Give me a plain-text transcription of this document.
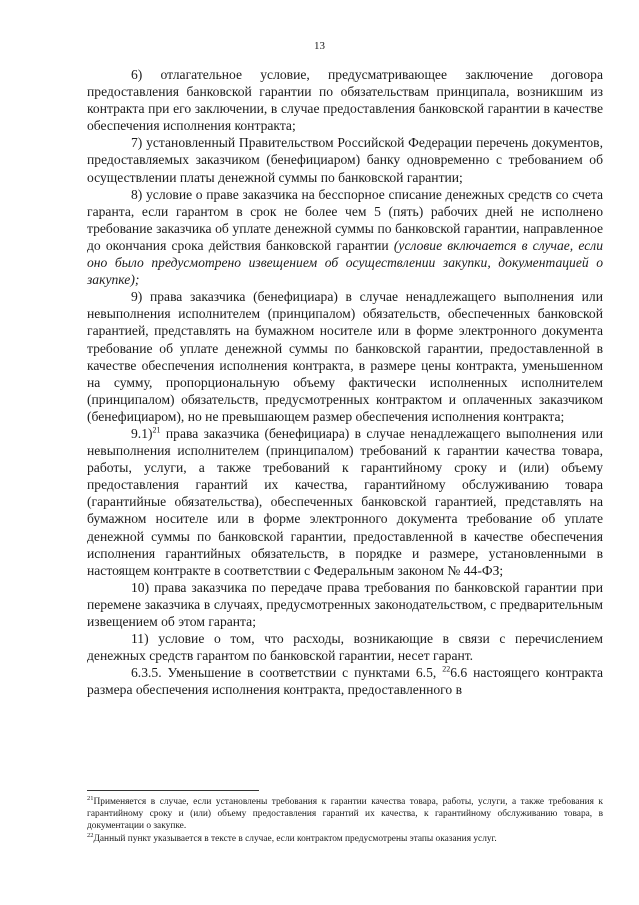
13

6) отлагательное условие, предусматривающее заключение договора предоставления банковской гарантии по обязательствам принципала, возникшим из контракта при его заключении, в случае предоставления банковской гарантии в качестве обеспечения исполнения контракта;

7) установленный Правительством Российской Федерации перечень документов, предоставляемых заказчиком (бенефициаром) банку одновременно с требованием об осуществлении платы денежной суммы по банковской гарантии;

8) условие о праве заказчика на бесспорное списание денежных средств со счета гаранта, если гарантом в срок не более чем 5 (пять) рабочих дней не исполнено требование заказчика об уплате денежной суммы по банковской гарантии, направленное до окончания срока действия банковской гарантии (условие включается в случае, если оно было предусмотрено извещением об осуществлении закупки, документацией о закупке);

9) права заказчика (бенефициара) в случае ненадлежащего выполнения или невыполнения исполнителем (принципалом) обязательств, обеспеченных банковской гарантией, представлять на бумажном носителе или в форме электронного документа требование об уплате денежной суммы по банковской гарантии, предоставленной в качестве обеспечения исполнения контракта, в размере цены контракта, уменьшенном на сумму, пропорциональную объему фактически исполненных исполнителем (принципалом) обязательств, предусмотренных контрактом и оплаченных заказчиком (бенефициаром), но не превышающем размер обеспечения исполнения контракта;

9.1)$^{21}$ права заказчика (бенефициара) в случае ненадлежащего выполнения или невыполнения исполнителем (принципалом) требований к гарантии качества товара, работы, услуги, а также требований к гарантийному сроку и (или) объему предоставления гарантий их качества, гарантийному обслуживанию товара (гарантийные обязательства), обеспеченных банковской гарантией, представлять на бумажном носителе или в форме электронного документа требование об уплате денежной суммы по банковской гарантии, предоставленной в качестве обеспечения исполнения гарантийных обязательств, в порядке и размере, установленными в настоящем контракте в соответствии с Федеральным законом № 44-ФЗ;

10) права заказчика по передаче права требования по банковской гарантии при перемене заказчика в случаях, предусмотренных законодательством, с предварительным извещением об этом гаранта;

11) условие о том, что расходы, возникающие в связи с перечислением денежных средств гарантом по банковской гарантии, несет гарант.

6.3.5. Уменьшение в соответствии с пунктами 6.5, $^{22}$6.6 настоящего контракта размера обеспечения исполнения контракта, предоставленного в

$^{21}$Применяется в случае, если установлены требования к гарантии качества товара, работы, услуги, а также требования к гарантийному сроку и (или) объему предоставления гарантий их качества, к гарантийному обслуживанию товара, в документации о закупке.

$^{22}$Данный пункт указывается в тексте в случае, если контрактом предусмотрены этапы оказания услуг.
